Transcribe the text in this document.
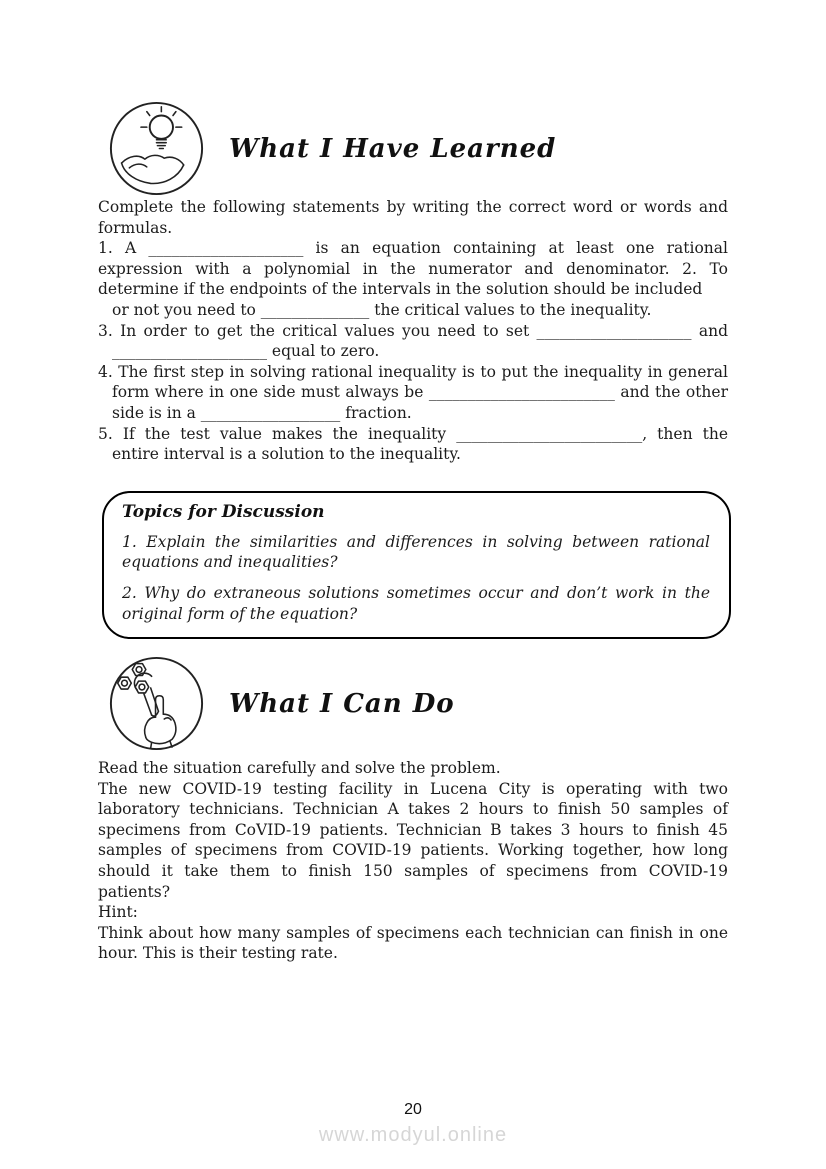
What I Have Learned

Complete the following statements by writing the correct word or words and formulas.

1. A ____________________ is an equation containing at least one rational expression with a polynomial in the numerator and denominator. 2. To determine if the endpoints of the intervals in the solution should be included

or not you need to ______________ the critical values to the inequality.

3. In order to get the critical values you need to set ____________________ and ____________________ equal to zero.

4. The first step in solving rational inequality is to put the inequality in general form where in one side must always be ________________________ and the other side is in a __________________ fraction.

5. If the test value makes the inequality ________________________, then the entire interval is a solution to the inequality.

Topics for Discussion

1. Explain the similarities and differences in solving between rational equations and inequalities?

2. Why do extraneous solutions sometimes occur and don’t work in the original form of the equation?

What I Can Do

Read the situation carefully and solve the problem.

The new COVID-19 testing facility in Lucena City is operating with two laboratory technicians. Technician A takes 2 hours to finish 50 samples of specimens from CoVID-19 patients. Technician B takes 3 hours to finish 45 samples of specimens from COVID-19 patients. Working together, how long should it take them to finish 150 samples of specimens from COVID-19 patients?

Hint:

Think about how many samples of specimens each technician can finish in one hour. This is their testing rate.

20
www.modyul.online
